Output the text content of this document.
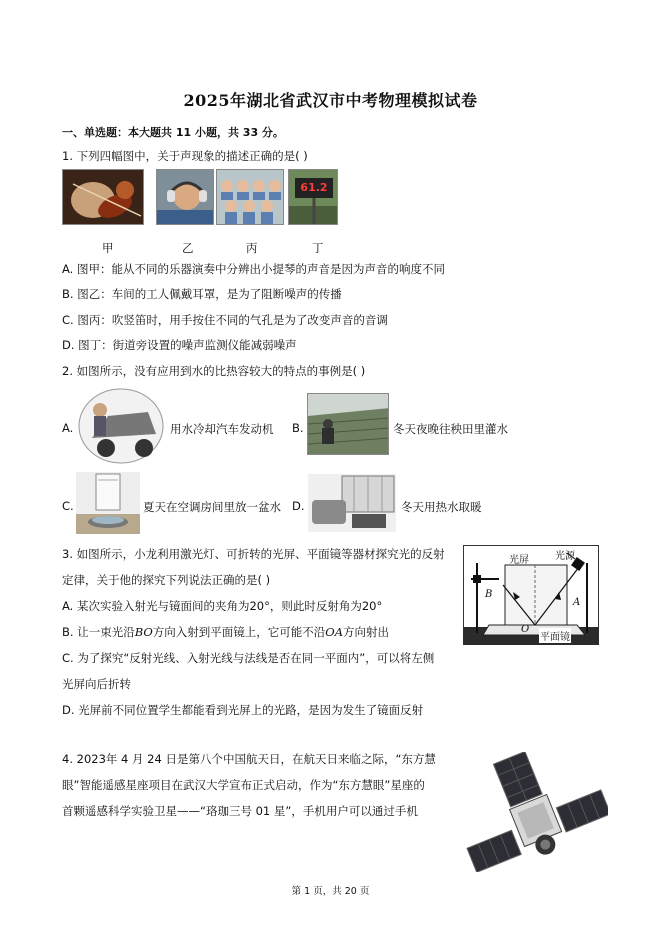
2025年湖北省武汉市中考物理模拟试卷
一、单选题：本大题共 11 小题，共 33 分。
1. 下列四幅图中，关于声现象的描述正确的是( )
61.2
甲	乙	丙	丁
A. 图甲：能从不同的乐器演奏中分辨出小提琴的声音是因为声音的响度不同
B. 图乙：车间的工人佩戴耳罩，是为了阻断噪声的传播
C. 图丙：吹竖笛时，用手按住不同的气孔是为了改变声音的音调
D. 图丁：街道旁设置的噪声监测仪能减弱噪声
2. 如图所示，没有应用到水的比热容较大的特点的事例是( )
A.	用水冷却汽车发动机 B.	冬天夜晚往秧田里灌水
C.	夏天在空调房间里放一盆水 D.	冬天用热水取暖
3. 如图所示，小龙利用激光灯、可折转的光屏、平面镜等器材探究光的反射
定律，关于他的探究下列说法正确的是( )
A. 某次实验入射光与镜面间的夹角为20°，则此时反射角为20°
B. 让一束光沿BO方向入射到平面镜上，它可能不沿OA方向射出
C. 为了探究“反射光线、入射光线与法线是否在同一平面内”，可以将左侧
光屏向后折转
D. 光屏前不同位置学生都能看到光屏上的光路，是因为发生了镜面反射
光屏	光源
平面镜
A
B
O
4. 2023年 4 月 24 日是第八个中国航天日，在航天日来临之际，“东方慧
眼”智能遥感星座项目在武汉大学宣布正式启动，作为“东方慧眼”星座的
首颗遥感科学实验卫星——“珞珈三号 01 星”，手机用户可以通过手机
第 1 页，共 20 页
